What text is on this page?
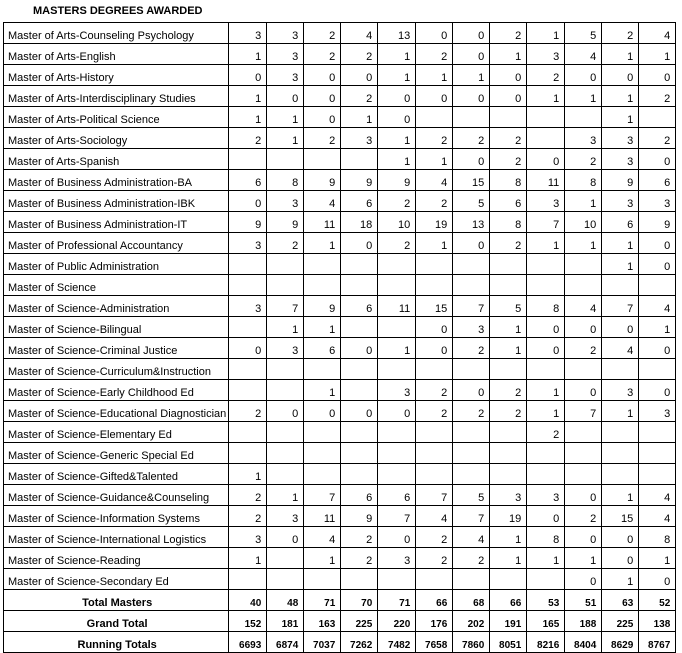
MASTERS DEGREES AWARDED
Master of Arts-Counseling Psychology	3	3	2	4	13	0	0	2	1	5	2	4
Master of Arts-English	1	3	2	2	1	2	0	1	3	4	1	1
Master of Arts-History	0	3	0	0	1	1	1	0	2	0	0	0
Master of Arts-Interdisciplinary Studies	1	0	0	2	0	0	0	0	1	1	1	2
Master of Arts-Political Science	1	1	0	1	0						1	
Master of Arts-Sociology	2	1	2	3	1	2	2	2		3	3	2
Master of Arts-Spanish					1	1	0	2	0	2	3	0
Master of Business Administration-BA	6	8	9	9	9	4	15	8	11	8	9	6
Master of Business Administration-IBK	0	3	4	6	2	2	5	6	3	1	3	3
Master of Business Administration-IT	9	9	11	18	10	19	13	8	7	10	6	9
Master of Professional Accountancy	3	2	1	0	2	1	0	2	1	1	1	0
Master of Public Administration											1	0
Master of Science												
Master of Science-Administration	3	7	9	6	11	15	7	5	8	4	7	4
Master of Science-Bilingual		1	1			0	3	1	0	0	0	1
Master of Science-Criminal Justice	0	3	6	0	1	0	2	1	0	2	4	0
Master of Science-Curriculum&Instruction												
Master of Science-Early Childhood Ed			1		3	2	0	2	1	0	3	0
Master of Science-Educational Diagnostician	2	0	0	0	0	2	2	2	1	7	1	3
Master of Science-Elementary Ed									2			
Master of Science-Generic Special Ed												
Master of Science-Gifted&Talented	1											
Master of Science-Guidance&Counseling	2	1	7	6	6	7	5	3	3	0	1	4
Master of Science-Information Systems	2	3	11	9	7	4	7	19	0	2	15	4
Master of Science-International Logistics	3	0	4	2	0	2	4	1	8	0	0	8
Master of Science-Reading	1		1	2	3	2	2	1	1	1	0	1
Master of Science-Secondary Ed										0	1	0
Total Masters	40	48	71	70	71	66	68	66	53	51	63	52
Grand Total	152	181	163	225	220	176	202	191	165	188	225	138
Running Totals	6693	6874	7037	7262	7482	7658	7860	8051	8216	8404	8629	8767
